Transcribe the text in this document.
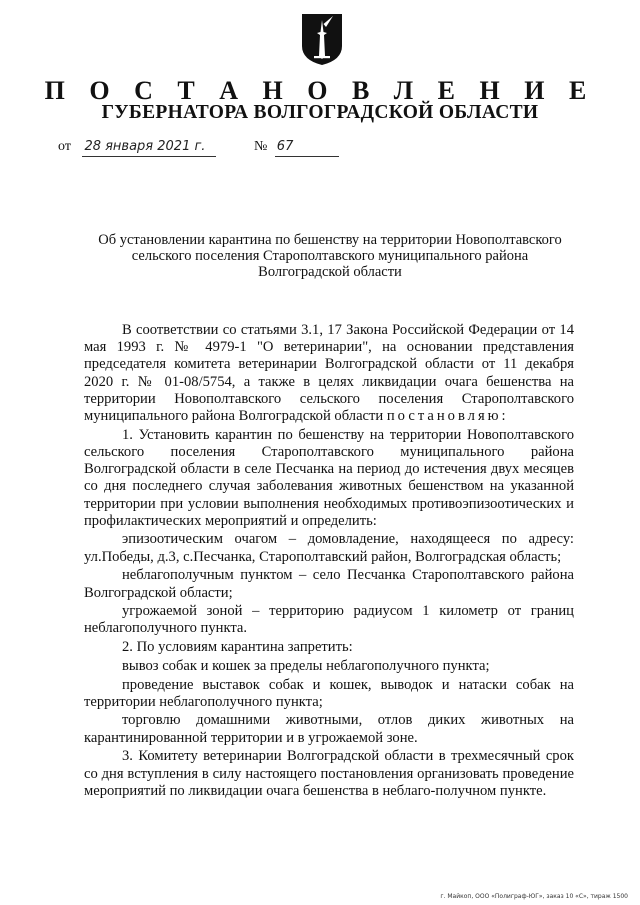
П О С Т А Н О В Л Е Н И Е
ГУБЕРНАТОРА ВОЛГОГРАДСКОЙ ОБЛАСТИ
от 28 января 2021 г.	№ 67
Об установлении карантина по бешенству на территории Новополтавского
сельского поселения Старополтавского муниципального района
Волгоградской области

В соответствии со статьями 3.1, 17 Закона Российской Федерации от 14 мая 1993 г. № 4979-1 "О ветеринарии", на основании представления председателя комитета ветеринарии Волгоградской области от 11 декабря 2020 г. № 01-08/5754, а также в целях ликвидации очага бешенства на территории Новополтавского сельского поселения Старополтавского муниципального района Волгоградской области постановляю:

1. Установить карантин по бешенству на территории Новополтавского сельского поселения Старополтавского муниципального района Волгоградской области в селе Песчанка на период до истечения двух месяцев со дня последнего случая заболевания животных бешенством на указанной территории при условии выполнения необходимых противоэпизоотических и профилактических мероприятий и определить:

эпизоотическим очагом – домовладение, находящееся по адресу: ул.Победы, д.3, с.Песчанка, Старополтавский район, Волгоградская область;

неблагополучным пунктом – село Песчанка Старополтавского района Волгоградской области;

угрожаемой зоной – территорию радиусом 1 километр от границ неблагополучного пункта.

2. По условиям карантина запретить:

вывоз собак и кошек за пределы неблагополучного пункта;

проведение выставок собак и кошек, выводок и натаски собак на территории неблагополучного пункта;

торговлю домашними животными, отлов диких животных на карантинированной территории и в угрожаемой зоне.

3. Комитету ветеринарии Волгоградской области в трехмесячный срок со дня вступления в силу настоящего постановления организовать проведение мероприятий по ликвидации очага бешенства в неблаго-получном пункте.

г. Майкоп, ООО «Полиграф-ЮГ», заказ 10 «С», тираж 1500
